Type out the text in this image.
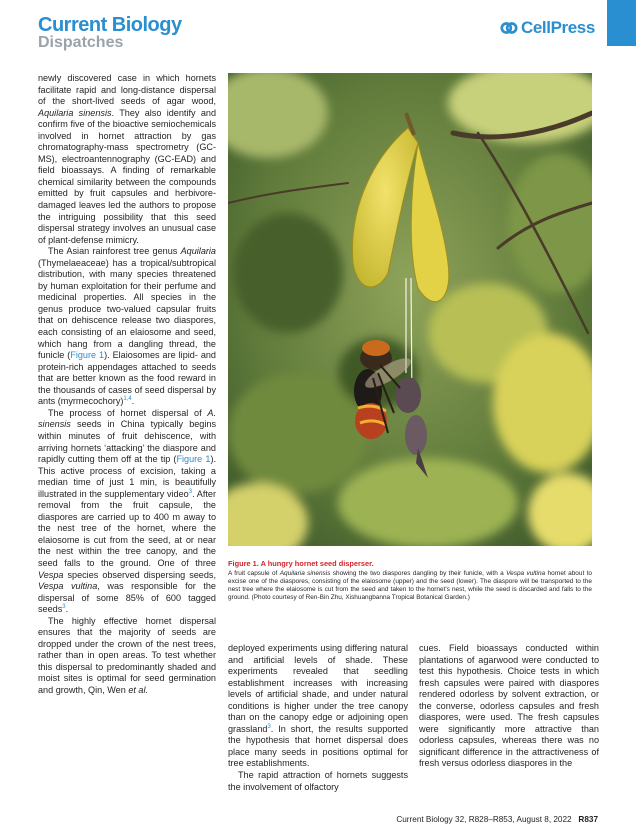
Current Biology
Dispatches
CellPress

newly discovered case in which hornets facilitate rapid and long-distance dispersal of the short-lived seeds of agar wood, Aquilaria sinensis. They also identify and confirm five of the bioactive semiochemicals involved in hornet attraction by gas chromatography-mass spectrometry (GC-MS), electroantennography (GC-EAD) and field bioassays. A finding of remarkable chemical similarity between the compounds emitted by fruit capsules and herbivore-damaged leaves led the authors to propose the intriguing possibility that this seed dispersal strategy involves an unusual case of plant-defense mimicry.

The Asian rainforest tree genus Aquilaria (Thymelaeaceae) has a tropical/subtropical distribution, with many species threatened by human exploitation for their perfume and medicinal properties. All species in the genus produce two-valued capsular fruits that on dehiscence release two diaspores, each consisting of an elaiosome and seed, which hang from a dangling thread, the funicle (Figure 1). Elaiosomes are lipid- and protein-rich appendages attached to seeds that are better known as the food reward in the thousands of cases of seed dispersal by ants (myrmecochory)$^{1,4}$.

The process of hornet dispersal of A. sinensis seeds in China typically begins within minutes of fruit dehiscence, with arriving hornets ‘attacking’ the diaspore and rapidly cutting them off at the tip (Figure 1). This active process of excision, taking a median time of just 1 min, is beautifully illustrated in the supplementary video$^3$. After removal from the fruit capsule, the diaspores are carried up to 400 m away to the nest tree of the hornet, where the elaiosome is cut from the seed, at or near the nest within the tree canopy, and the seed falls to the ground. One of three Vespa species observed dispersing seeds, Vespa vultina, was responsible for the dispersal of some 85% of 600 tagged seeds$^3$.

The highly effective hornet dispersal ensures that the majority of seeds are dropped under the crown of the nest trees, rather than in open areas. To test whether this dispersal to predominantly shaded and moist sites is optimal for seed germination and growth, Qin, Wen et al.

Figure 1. A hungry hornet seed disperser.
A fruit capsule of Aquilaria sinensis showing the two diaspores dangling by their funicle, with a Vespa vultina hornet about to excise one of the diaspores, consisting of the elaiosome (upper) and the seed (lower). The diaspore will be transported to the nest tree where the elaiosome is cut from the seed and taken to the hornet's nest, while the seed is discarded and falls to the ground. (Photo courtesy of Ren-Bin Zhu, Xishuangbanna Tropical Botanical Garden.)

deployed experiments using differing natural and artificial levels of shade. These experiments revealed that seedling establishment increases with increasing levels of artificial shade, and under natural conditions is higher under the tree canopy than on the canopy edge or adjoining open grassland$^3$. In short, the results supported the hypothesis that hornet dispersal does place many seeds in positions optimal for tree establishments.

The rapid attraction of hornets suggests the involvement of olfactory

cues. Field bioassays conducted within plantations of agarwood were conducted to test this hypothesis. Choice tests in which fresh capsules were paired with diaspores rendered odorless by solvent extraction, or the converse, odorless capsules and fresh diaspores, were used. The fresh capsules were significantly more attractive than odorless capsules, whereas there was no significant difference in the attractiveness of fresh versus odorless diaspores in the

Current Biology 32, R828–R853, August 8, 2022 R837
